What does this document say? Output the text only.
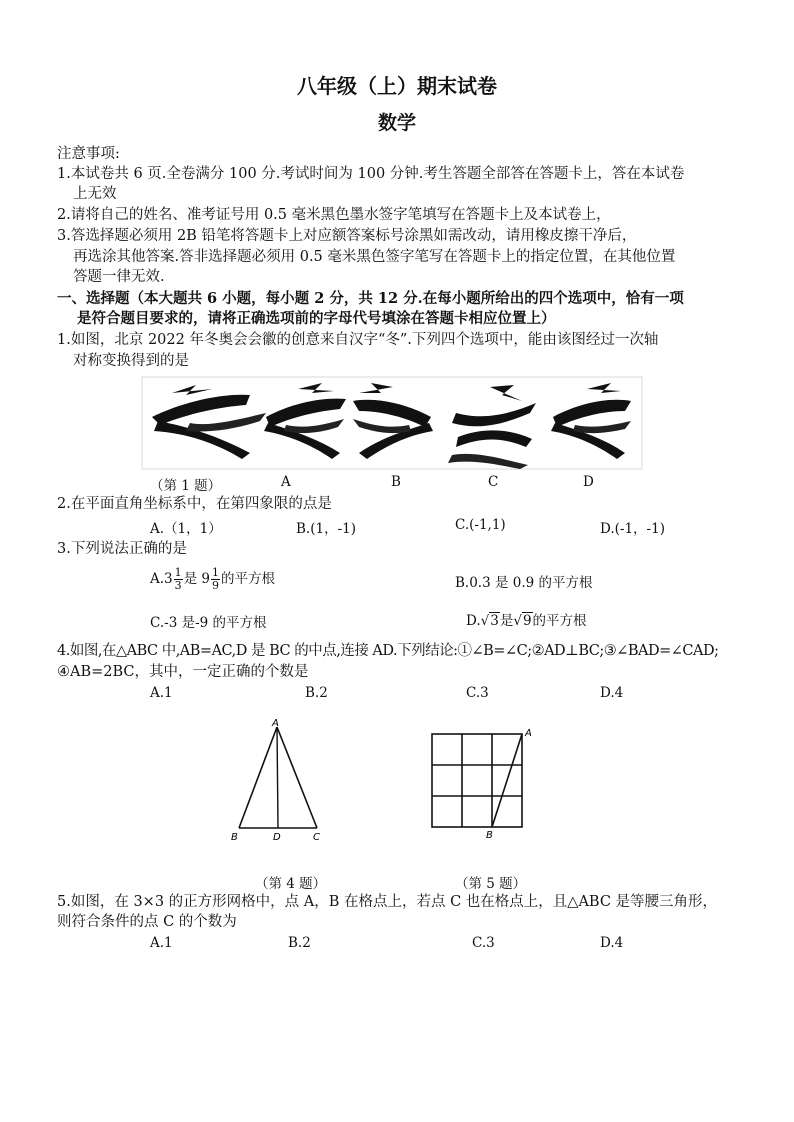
八年级（上）期末试卷
数学
注意事项:
1.本试卷共 6 页.全卷满分 100 分.考试时间为 100 分钟.考生答题全部答在答题卡上，答在本试卷
上无效
2.请将自己的姓名、准考证号用 0.5 毫米黑色墨水签字笔填写在答题卡上及本试卷上，
3.答选择题必须用 2B 铅笔将答题卡上对应额答案标号涂黑如需改动，请用橡皮擦干净后，
再选涂其他答案.答非选择题必须用 0.5 毫米黑色签字笔写在答题卡上的指定位置，在其他位置
答题一律无效.
一、选择题（本大题共 6 小题，每小题 2 分，共 12 分.在每小题所给出的四个选项中，恰有一项
是符合题目要求的，请将正确选项前的字母代号填涂在答题卡相应位置上）
1.如图，北京 2022 年冬奥会会徽的创意来自汉字“冬”.下列四个选项中，能由该图经过一次轴
对称变换得到的是
（第 1 题）	A	B	C	D
2.在平面直角坐标系中，在第四象限的点是
A.（1，1）	B.(1，-1)	C.(-1,1)	D.(-1，-1)
3.下列说法正确的是
$A.3 \frac{1}{3}$ 是 $9 \frac{1}{9}$ 的平方根	B.0.3 是 0.9 的平方根
C.-3 是-9 的平方根	D.√3是√9的平方根
4.如图,在△ABC 中,AB=AC,D 是 BC 的中点,连接 AD.下列结论:①∠B=∠C;②AD⊥BC;③∠BAD=∠CAD;
④AB=2BC，其中，一定正确的个数是
A.1	B.2	C.3	D.4
A
B	D	C
A
B
（第 4 题）	（第 5 题）
5.如图，在 3×3 的正方形网格中，点 A，B 在格点上，若点 C 也在格点上，且△ABC 是等腰三角形，
则符合条件的点 C 的个数为
A.1	B.2	C.3	D.4
